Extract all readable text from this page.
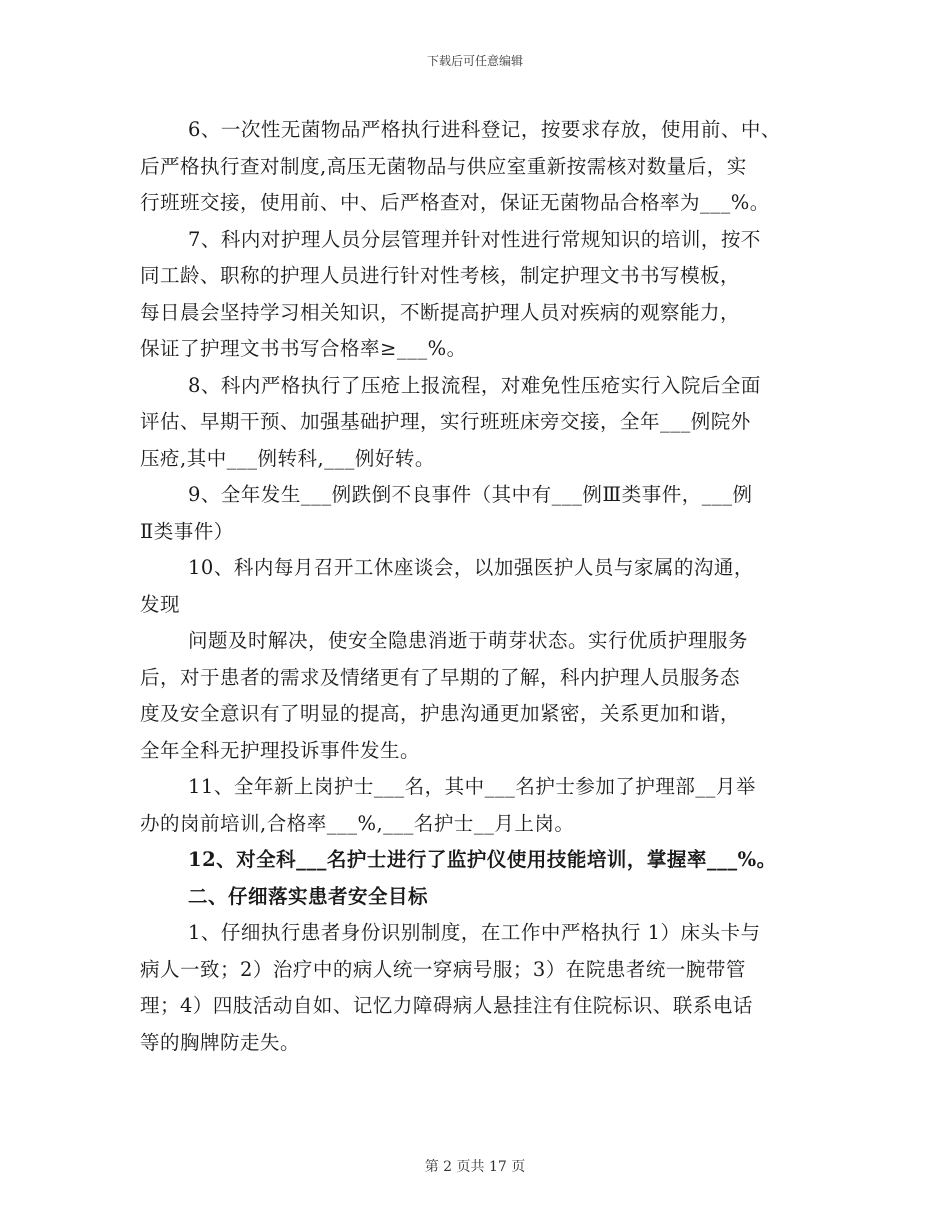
下载后可任意编辑
6、一次性无菌物品严格执行进科登记，按要求存放，使用前、中、
后严格执行查对制度,高压无菌物品与供应室重新按需核对数量后，实
行班班交接，使用前、中、后严格查对，保证无菌物品合格率为___%。
7、科内对护理人员分层管理并针对性进行常规知识的培训，按不
同工龄、职称的护理人员进行针对性考核，制定护理文书书写模板，
每日晨会坚持学习相关知识，不断提高护理人员对疾病的观察能力，
保证了护理文书书写合格率≥___%。
8、科内严格执行了压疮上报流程，对难免性压疮实行入院后全面
评估、早期干预、加强基础护理，实行班班床旁交接，全年___例院外
压疮,其中___例转科,___例好转。
9、全年发生___例跌倒不良事件（其中有___例Ⅲ类事件，___例
Ⅱ类事件）
10、科内每月召开工休座谈会，以加强医护人员与家属的沟通，
发现
问题及时解决，使安全隐患消逝于萌芽状态。实行优质护理服务
后，对于患者的需求及情绪更有了早期的了解，科内护理人员服务态
度及安全意识有了明显的提高，护患沟通更加紧密，关系更加和谐，
全年全科无护理投诉事件发生。
11、全年新上岗护士___名，其中___名护士参加了护理部__月举
办的岗前培训,合格率___%,___名护士__月上岗。
12、对全科___名护士进行了监护仪使用技能培训，掌握率___%。
二、仔细落实患者安全目标
1、仔细执行患者身份识别制度，在工作中严格执行 1）床头卡与
病人一致；2）治疗中的病人统一穿病号服；3）在院患者统一腕带管
理；4）四肢活动自如、记忆力障碍病人悬挂注有住院标识、联系电话
等的胸牌防走失。
第 2 页共 17 页
